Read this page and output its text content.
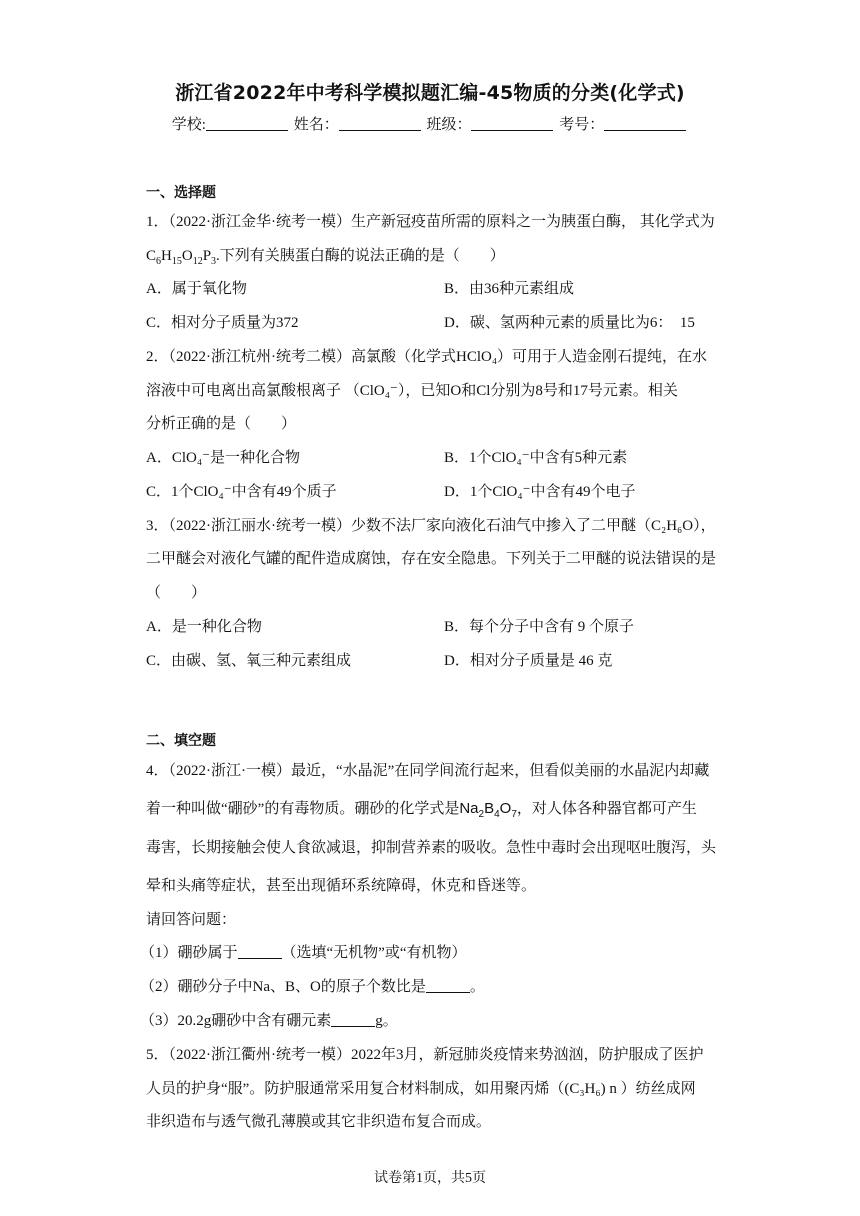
浙江省2022年中考科学模拟题汇编-45物质的分类(化学式)
学校:	姓名：	班级：	考号：
一、选择题
1．（2022·浙江金华·统考一模）生产新冠疫苗所需的原料之一为胰蛋白酶， 其化学式为
$C_6H_{15}O_{12}P_3$.下列有关胰蛋白酶的说法正确的是（　　）
A．属于氧化物	B．由36种元素组成
C．相对分子质量为372	D．碳、氢两种元素的质量比为6：　15
2．（2022·浙江杭州·统考二模）高氯酸（化学式HClO₄）可用于人造金刚石提纯，在水
溶液中可电离出高氯酸根离子 （ClO₄⁻），已知O和Cl分别为8号和17号元素。相关
分析正确的是（　　）
A．ClO₄⁻是一种化合物	B．1个ClO₄⁻中含有5种元素
C．1个ClO₄⁻中含有49个质子	D．1个ClO₄⁻中含有49个电子
3．（2022·浙江丽水·统考一模）少数不法厂家向液化石油气中掺入了二甲醚（C₂H₆O），
二甲醚会对液化气罐的配件造成腐蚀，存在安全隐患。下列关于二甲醚的说法错误的是
（　　）
A．是一种化合物	B．每个分子中含有 9 个原子
C．由碳、氢、氧三种元素组成	D．相对分子质量是 46 克
二、填空题
4．（2022·浙江·一模）最近，“水晶泥”在同学间流行起来，但看似美丽的水晶泥内却藏
着一种叫做“硼砂”的有毒物质。硼砂的化学式是$Na_2B_4O_7$，对人体各种器官都可产生
毒害，长期接触会使人食欲减退，抑制营养素的吸收。急性中毒时会出现呕吐腹泻，头
晕和头痛等症状，甚至出现循环系统障碍，休克和昏迷等。
请回答问题：
（1）硼砂属于	（选填“无机物”或“有机物）
（2）硼砂分子中Na、B、O的原子个数比是	。
（3）20.2g硼砂中含有硼元素	g。
5．（2022·浙江衢州·统考一模）2022年3月，新冠肺炎疫情来势汹汹，防护服成了医护
人员的护身“服”。防护服通常采用复合材料制成，如用聚丙烯（(C₃H₆) n ）纺丝成网
非织造布与透气微孔薄膜或其它非织造布复合而成。
试卷第1页，共5页
